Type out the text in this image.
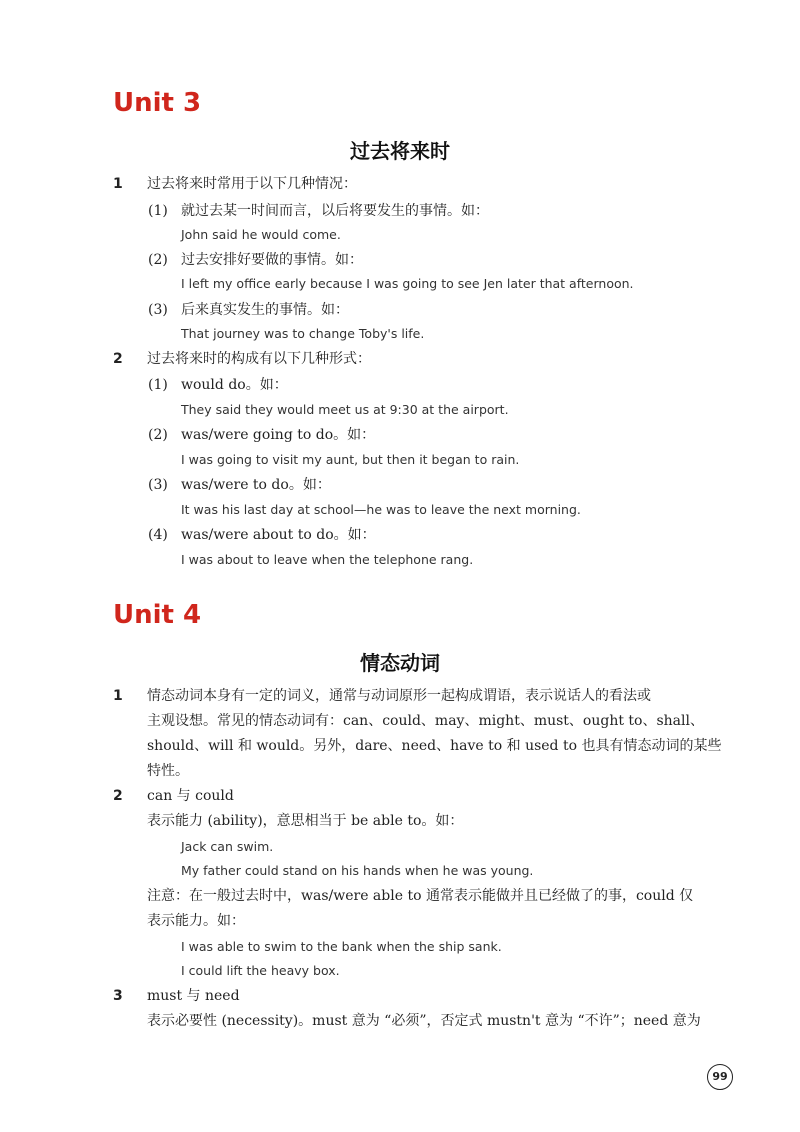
Unit 3
过去将来时
1 过去将来时常用于以下几种情况：
(1) 就过去某一时间而言，以后将要发生的事情。如：
John said he would come.
(2) 过去安排好要做的事情。如：
I left my office early because I was going to see Jen later that afternoon.
(3) 后来真实发生的事情。如：
That journey was to change Toby's life.
2 过去将来时的构成有以下几种形式：
(1) would do。如：
They said they would meet us at 9:30 at the airport.
(2) was/were going to do。如：
I was going to visit my aunt, but then it began to rain.
(3) was/were to do。如：
It was his last day at school—he was to leave the next morning.
(4) was/were about to do。如：
I was about to leave when the telephone rang.
Unit 4
情态动词
1 情态动词本身有一定的词义，通常与动词原形一起构成谓语，表示说话人的看法或
主观设想。常见的情态动词有：can、could、may、might、must、ought to、shall、
should、will 和 would。另外，dare、need、have to 和 used to 也具有情态动词的某些
特性。
2 can 与 could
表示能力 (ability)，意思相当于 be able to。如：
Jack can swim.
My father could stand on his hands when he was young.
注意：在一般过去时中，was/were able to 通常表示能做并且已经做了的事，could 仅
表示能力。如：
I was able to swim to the bank when the ship sank.
I could lift the heavy box.
3 must 与 need
表示必要性 (necessity)。must 意为 “必须”，否定式 mustn't 意为 “不许”；need 意为
99
